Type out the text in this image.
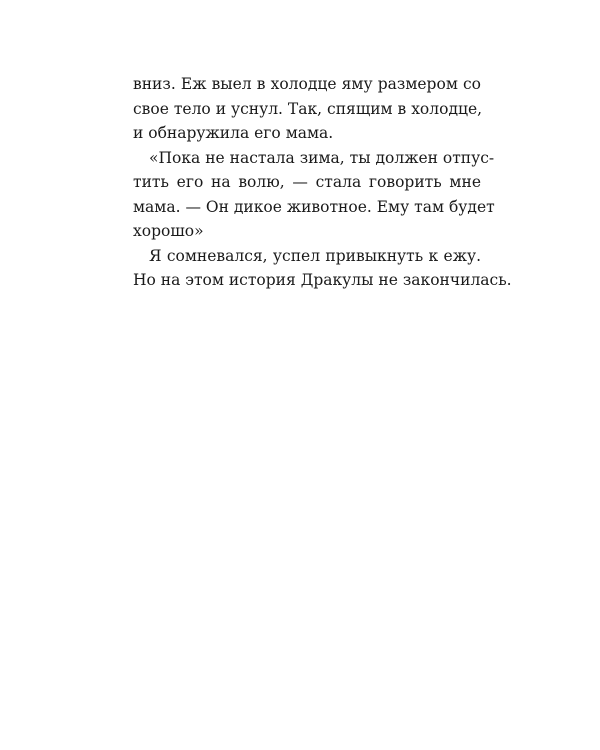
вниз. Еж выел в холодце яму размером со
свое тело и уснул. Так, спящим в холодце,
и обнаружила его мама.

«Пока не настала зима, ты должен отпус-
тить его на волю, — стала говорить мне
мама. — Он дикое животное. Ему там будет
хорошо»

Я сомневался, успел привыкнуть к ежу.
Но на этом история Дракулы не закончилась.
